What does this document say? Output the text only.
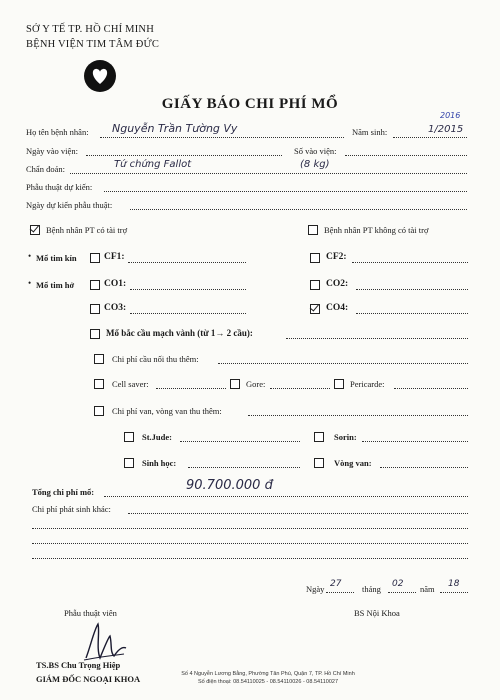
SỞ Y TẾ TP. HỒ CHÍ MINH
BỆNH VIỆN TIM TÂM ĐỨC
GIẤY BÁO CHI PHÍ MỔ
Họ tên bệnh nhân: Nguyễn Trần Tường Vy	Năm sinh:	1/2015
2016
Ngày vào viện:	Số vào viện:
Chẩn đoán:	Tứ chứng Fallot	(8 kg)
Phẫu thuật dự kiến:
Ngày dự kiến phẫu thuật:
Bệnh nhân PT có tài trợ	Bệnh nhân PT không có tài trợ
• Mổ tim kín	CF1:	CF2:
• Mổ tim hở	CO1:	CO2:
CO3:	CO4:
Mổ bắc cầu mạch vành (từ 1→ 2 cầu):
Chi phí cầu nối thu thêm:
Cell saver:	Gore:	Pericarde:
Chi phí van, vòng van thu thêm:
St.Jude:	Sorin:
Sinh học:	Vòng van:
Tổng chi phí mổ:	90.700.000 đ
Chi phí phát sinh khác:
Ngày 27 tháng 02 năm 18
Phẫu thuật viên	BS Nội Khoa
TS.BS Chu Trọng Hiệp
GIÁM ĐỐC NGOẠI KHOA	Số 4 Nguyễn Lương Bằng, Phường Tân Phú, Quận 7, TP. Hồ Chí Minh
Số điện thoại: 08.54110025 - 08.54110026 - 08.54110027
